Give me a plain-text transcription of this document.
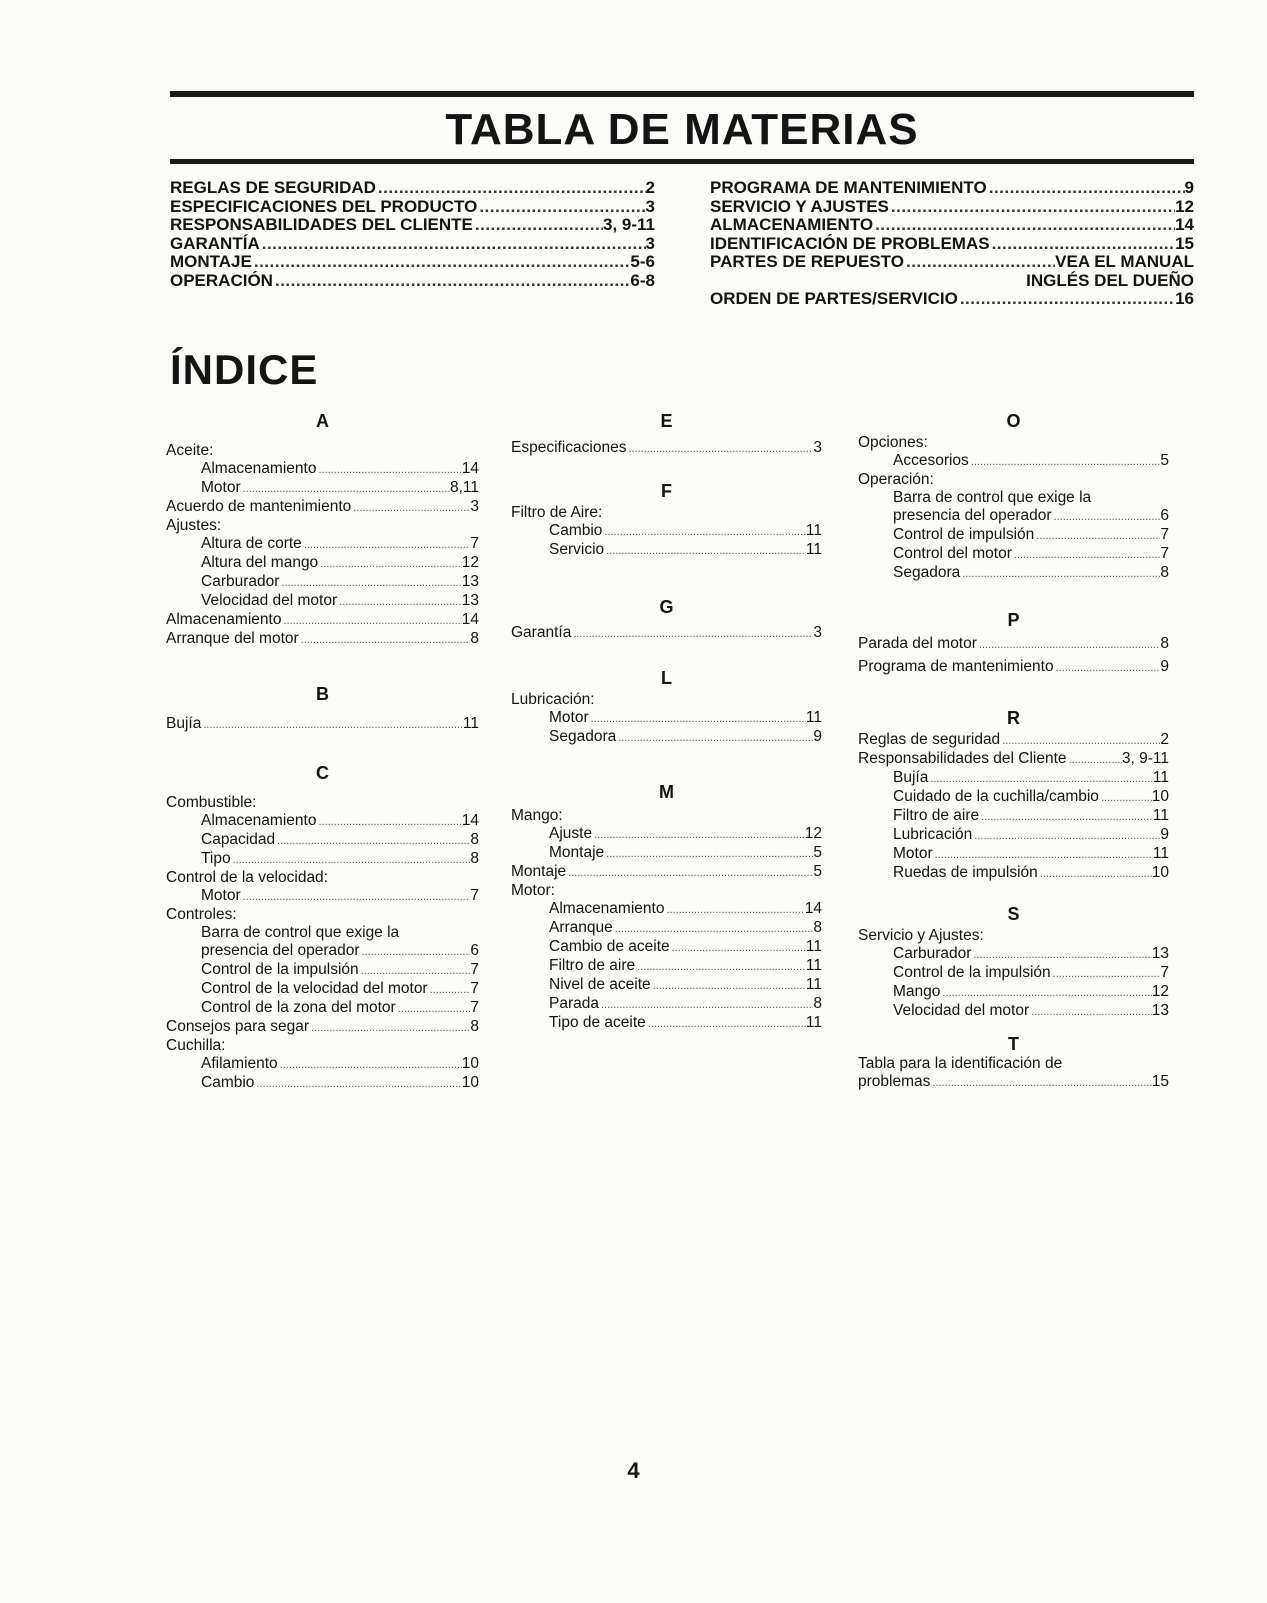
TABLA DE MATERIAS
REGLAS DE SEGURIDAD .....	2
ESPECIFICACIONES DEL PRODUCTO .....	3
RESPONSABILIDADES DEL CLIENTE .....	3, 9-11
GARANTÍA .....	3
MONTAJE .....	5-6
OPERACIÓN .....	6-8
PROGRAMA DE MANTENIMIENTO .....	9
SERVICIO Y AJUSTES .....	12
ALMACENAMIENTO .....	14
IDENTIFICACIÓN DE PROBLEMAS .....	15
PARTES DE REPUESTO .....	VEA EL MANUAL
INGLÉS DEL DUEÑO
ORDEN DE PARTES/SERVICIO .....	16
ÍNDICE
A
Aceite:
Almacenamiento .....	14
Motor .....	8,11
Acuerdo de mantenimiento .....	3
Ajustes:
Altura de corte .....	7
Altura del mango .....	12
Carburador .....	13
Velocidad del motor .....	13
Almacenamiento .....	14
Arranque del motor .....	8
B
Bujía .....	11
C
Combustible:
Almacenamiento .....	14
Capacidad .....	8
Tipo .....	8
Control de la velocidad:
Motor .....	7
Controles:
Barra de control que exige la
presencia del operador .....	6
Control de la impulsión .....	7
Control de la velocidad del motor .....	7
Control de la zona del motor .....	7
Consejos para segar .....	8
Cuchilla:
Afilamiento .....	10
Cambio .....	10
E
Especificaciones .....	3
F
Filtro de Aire:
Cambio .....	11
Servicio .....	11
G
Garantía .....	3
L
Lubricación:
Motor .....	11
Segadora .....	9
M
Mango:
Ajuste .....	12
Montaje .....	5
Montaje .....	5
Motor:
Almacenamiento .....	14
Arranque .....	8
Cambio de aceite .....	11
Filtro de aire .....	11
Nivel de aceite .....	11
Parada .....	8
Tipo de aceite .....	11
O
Opciones:
Accesorios .....	5
Operación:
Barra de control que exige la
presencia del operador .....	6
Control de impulsión .....	7
Control del motor .....	7
Segadora .....	8
P
Parada del motor .....	8
Programa de mantenimiento .....	9
R
Reglas de seguridad .....	2
Responsabilidades del Cliente .....	3, 9-11
Bujía .....	11
Cuidado de la cuchilla/cambio .....	10
Filtro de aire .....	11
Lubricación .....	9
Motor .....	11
Ruedas de impulsión .....	10
S
Servicio y Ajustes:
Carburador .....	13
Control de la impulsión .....	7
Mango .....	12
Velocidad del motor .....	13
T
Tabla para la identificación de
problemas .....	15
4
